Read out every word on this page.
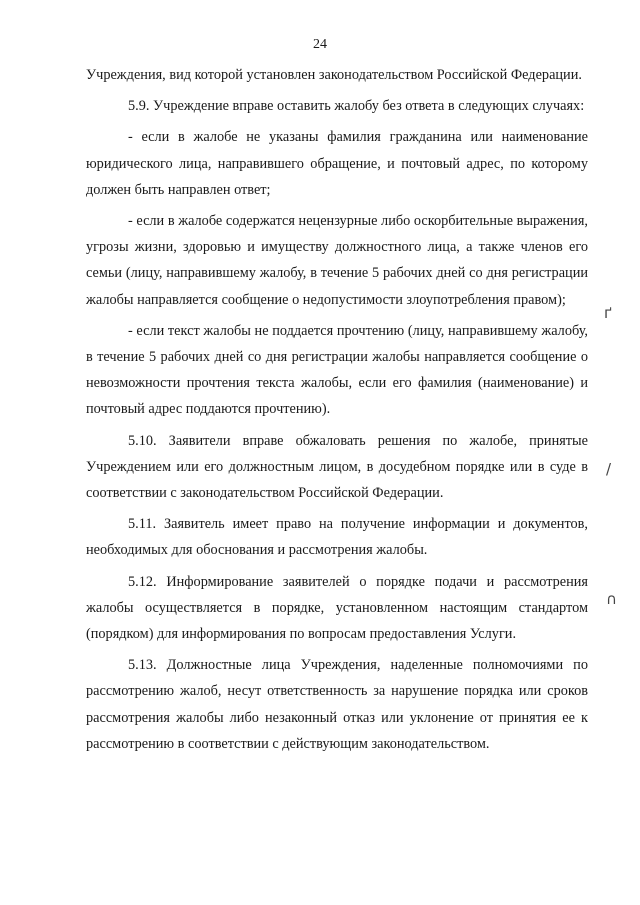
24

Учреждения, вид которой установлен законодательством Российской Федерации.

5.9. Учреждение вправе оставить жалобу без ответа в следующих случаях:

- если в жалобе не указаны фамилия гражданина или наименование юридического лица, направившего обращение, и почтовый адрес, по которому должен быть направлен ответ;

- если в жалобе содержатся нецензурные либо оскорбительные выражения, угрозы жизни, здоровью и имуществу должностного лица, а также членов его семьи (лицу, направившему жалобу, в течение 5 рабочих дней со дня регистрации жалобы направляется сообщение о недопустимости злоупотребления правом);

- если текст жалобы не поддается прочтению (лицу, направившему жалобу, в течение 5 рабочих дней со дня регистрации жалобы направляется сообщение о невозможности прочтения текста жалобы, если его фамилия (наименование) и почтовый адрес поддаются прочтению).

5.10. Заявители вправе обжаловать решения по жалобе, принятые Учреждением или его должностным лицом, в досудебном порядке или в суде в соответствии с законодательством Российской Федерации.

5.11. Заявитель имеет право на получение информации и документов, необходимых для обоснования и рассмотрения жалобы.

5.12. Информирование заявителей о порядке подачи и рассмотрения жалобы осуществляется в порядке, установленном настоящим стандартом (порядком) для информирования по вопросам предоставления Услуги.

5.13. Должностные лица Учреждения, наделенные полномочиями по рассмотрению жалоб, несут ответственность за нарушение порядка или сроков рассмотрения жалобы либо незаконный отказ или уклонение от принятия ее к рассмотрению в соответствии с действующим законодательством.

ґ
/
∩
